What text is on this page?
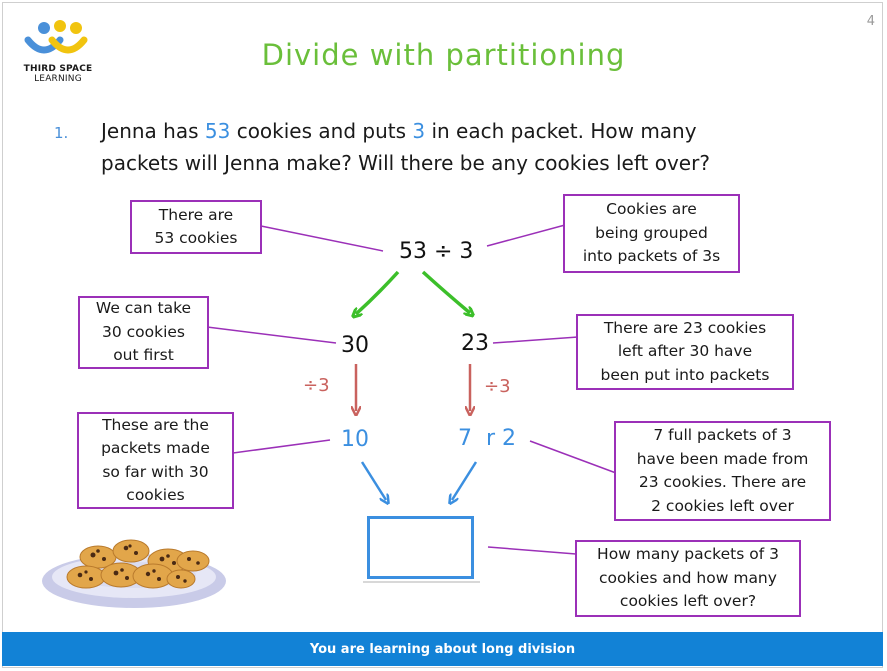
4
THIRD SPACE
LEARNING
Divide with partitioning
1. Jenna has 53 cookies and puts 3 in each packet. How many
packets will Jenna make? Will there be any cookies left over?
53 ÷ 3
30	23
÷3	÷3
10	7  r 2
There are
53 cookies
Cookies are
being grouped
into packets of 3s
We can take
30 cookies
out first
There are 23 cookies
left after 30 have
been put into packets
These are the
packets made
so far with 30
cookies
7 full packets of 3
have been made from
23 cookies. There are
2 cookies left over
How many packets of 3
cookies and how many
cookies left over?
You are learning about long division
